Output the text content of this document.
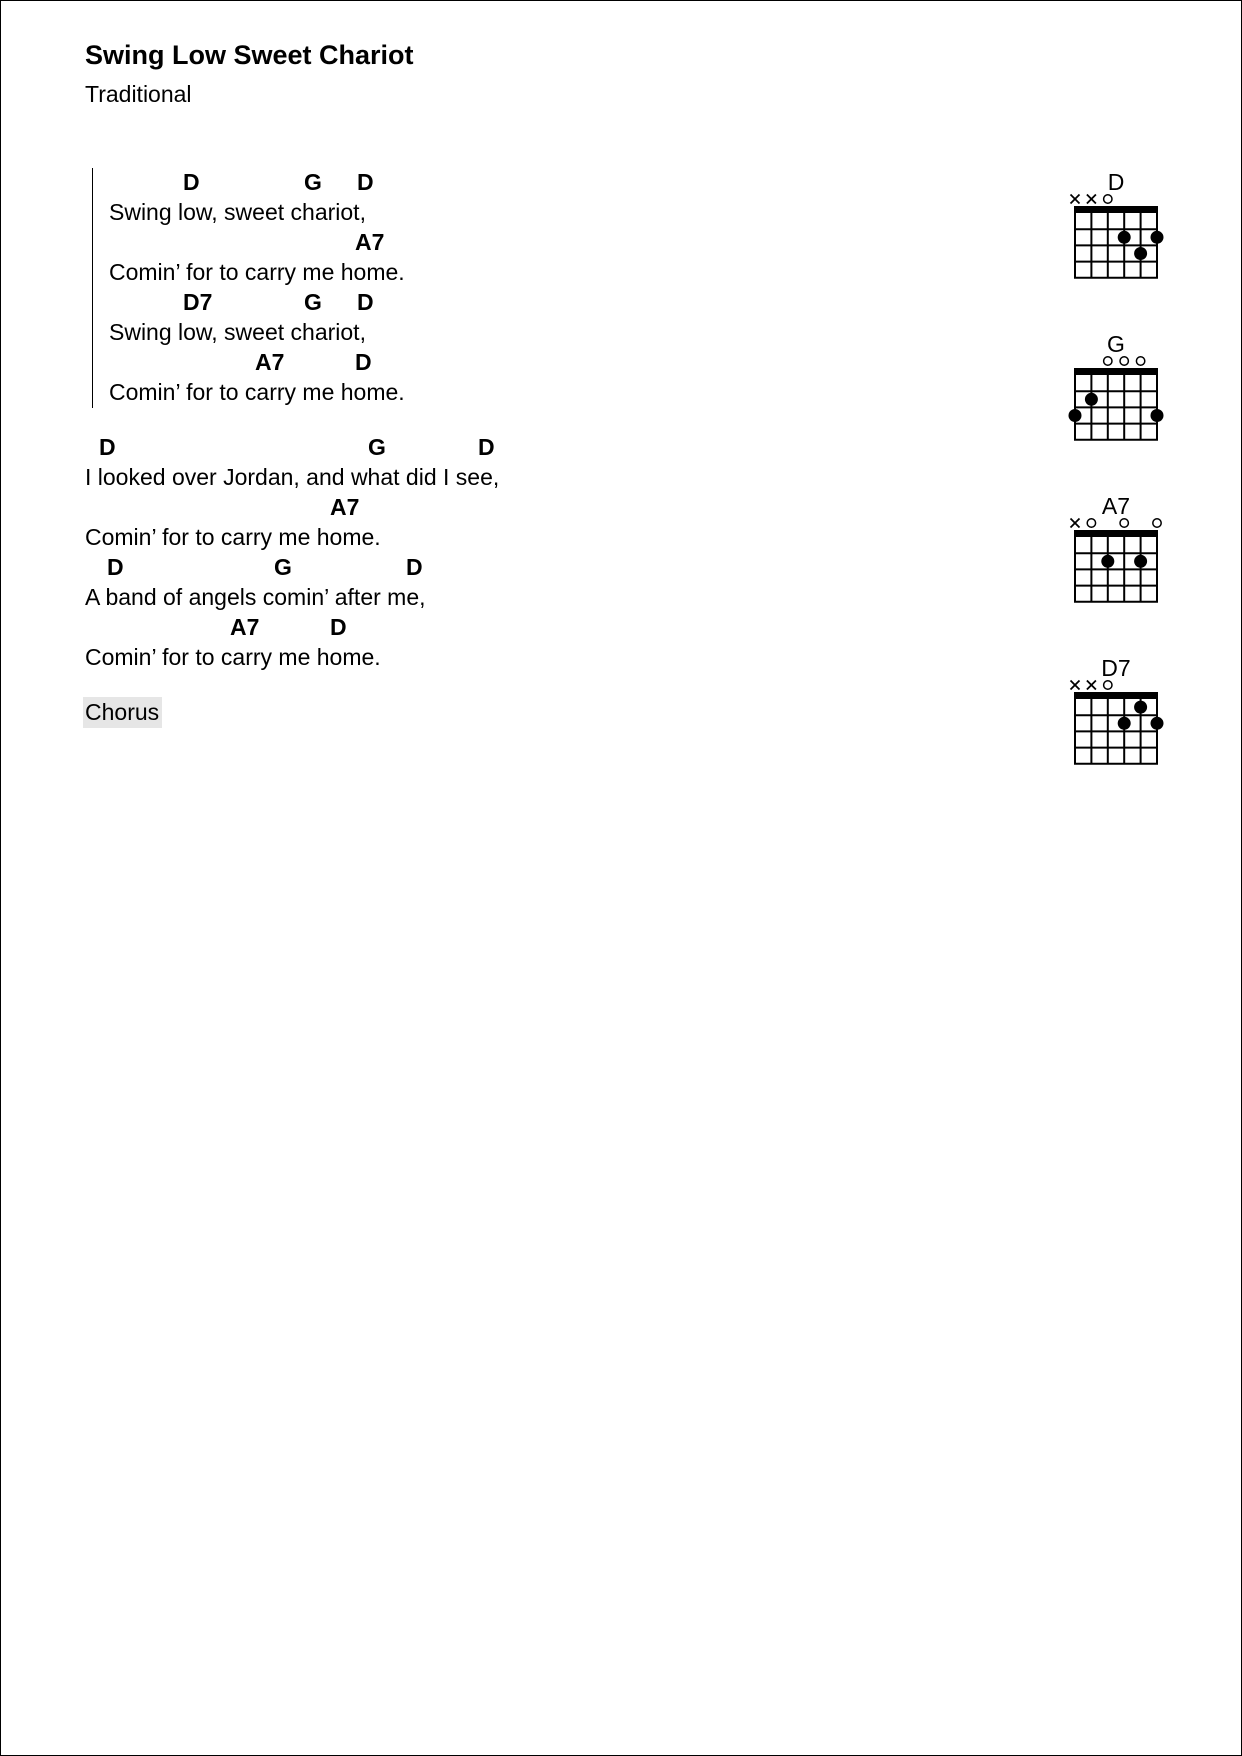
Swing Low Sweet Chariot
Traditional
D	G D
Swing low, sweet chariot,
A7
Comin’ for to carry me home.
D7	G D
Swing low, sweet chariot,
A7	D
Comin’ for to carry me home.
D	G	D
I looked over Jordan, and what did I see,
A7
Comin’ for to carry me home.
D	G	D
A band of angels comin’ after me,
A7	D
Comin’ for to carry me home.
Chorus
D
G
A7
D7
